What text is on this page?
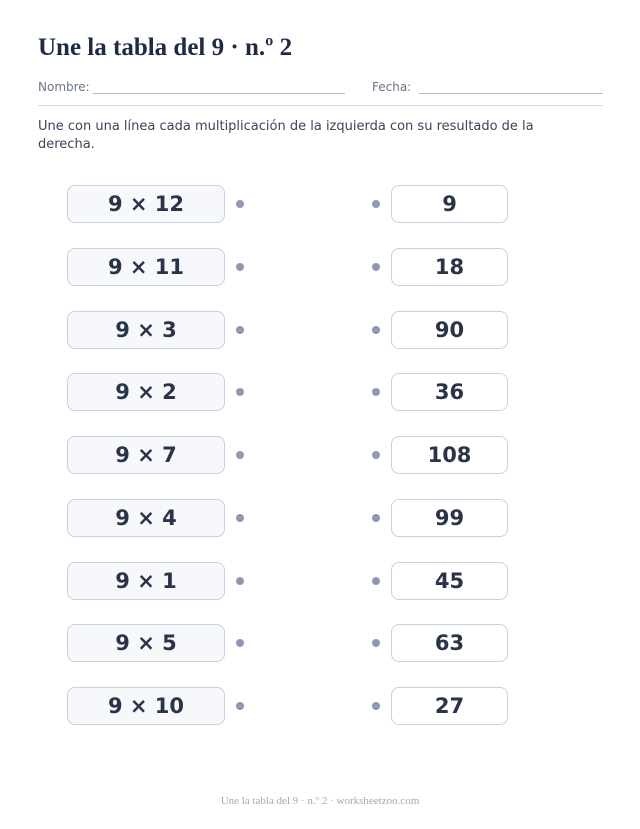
Une la tabla del 9 · n.º 2
Nombre:	Fecha:
Une con una línea cada multiplicación de la izquierda con su resultado de la derecha.
9 × 12	9
9 × 11	18
9 × 3	90
9 × 2	36
9 × 7	108
9 × 4	99
9 × 1	45
9 × 5	63
9 × 10	27
Une la tabla del 9 · n.º 2 · worksheetzoo.com
